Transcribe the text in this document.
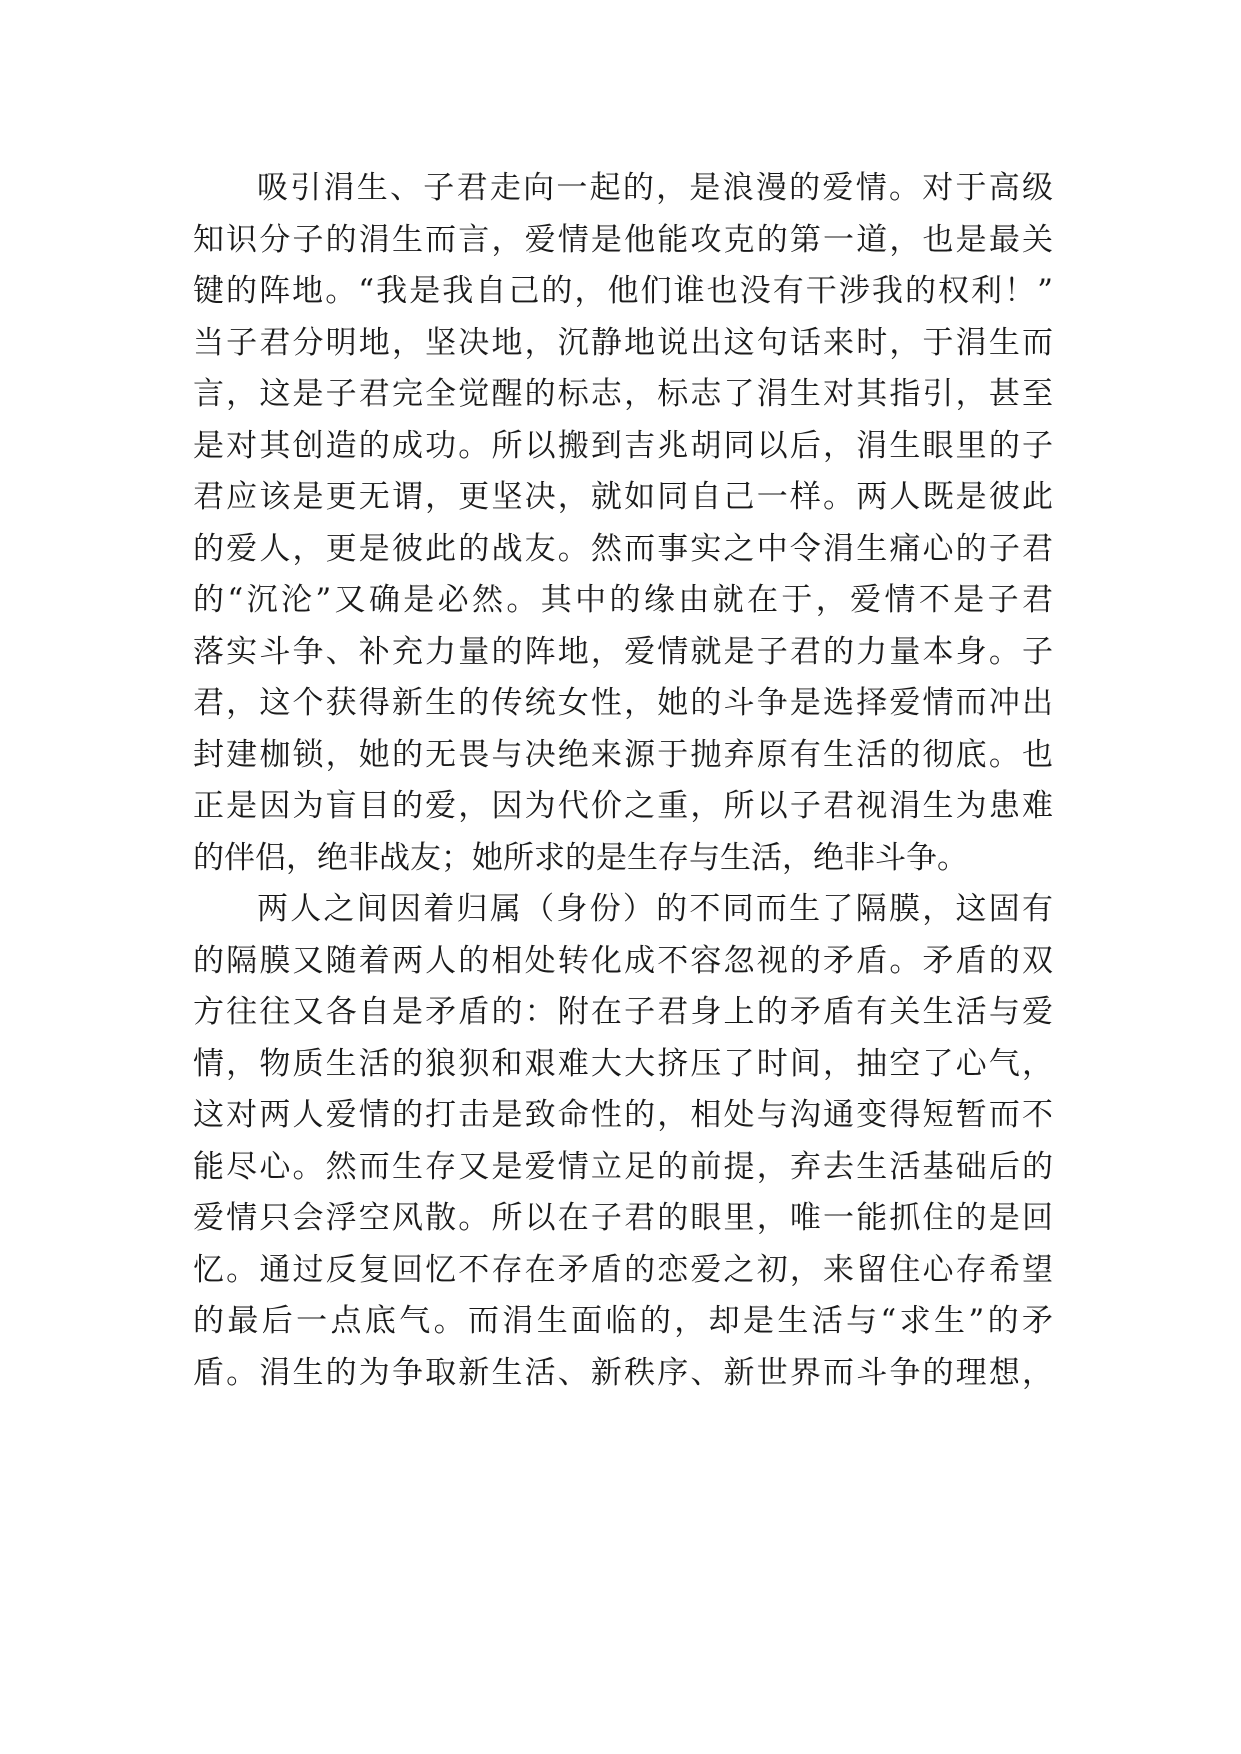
吸引涓生、子君走向一起的，是浪漫的爱情。对于高级
知识分子的涓生而言，爱情是他能攻克的第一道，也是最关
键的阵地。“我是我自己的，他们谁也没有干涉我的权利！”
当子君分明地，坚决地，沉静地说出这句话来时，于涓生而
言，这是子君完全觉醒的标志，标志了涓生对其指引，甚至
是对其创造的成功。所以搬到吉兆胡同以后，涓生眼里的子
君应该是更无谓，更坚决，就如同自己一样。两人既是彼此
的爱人，更是彼此的战友。然而事实之中令涓生痛心的子君
的“沉沦”又确是必然。其中的缘由就在于，爱情不是子君
落实斗争、补充力量的阵地，爱情就是子君的力量本身。子
君，这个获得新生的传统女性，她的斗争是选择爱情而冲出
封建枷锁，她的无畏与决绝来源于抛弃原有生活的彻底。也
正是因为盲目的爱，因为代价之重，所以子君视涓生为患难
的伴侣，绝非战友；她所求的是生存与生活，绝非斗争。
两人之间因着归属（身份）的不同而生了隔膜，这固有
的隔膜又随着两人的相处转化成不容忽视的矛盾。矛盾的双
方往往又各自是矛盾的：附在子君身上的矛盾有关生活与爱
情，物质生活的狼狈和艰难大大挤压了时间，抽空了心气，
这对两人爱情的打击是致命性的，相处与沟通变得短暂而不
能尽心。然而生存又是爱情立足的前提，弃去生活基础后的
爱情只会浮空风散。所以在子君的眼里，唯一能抓住的是回
忆。通过反复回忆不存在矛盾的恋爱之初，来留住心存希望
的最后一点底气。而涓生面临的，却是生活与“求生”的矛
盾。涓生的为争取新生活、新秩序、新世界而斗争的理想，
